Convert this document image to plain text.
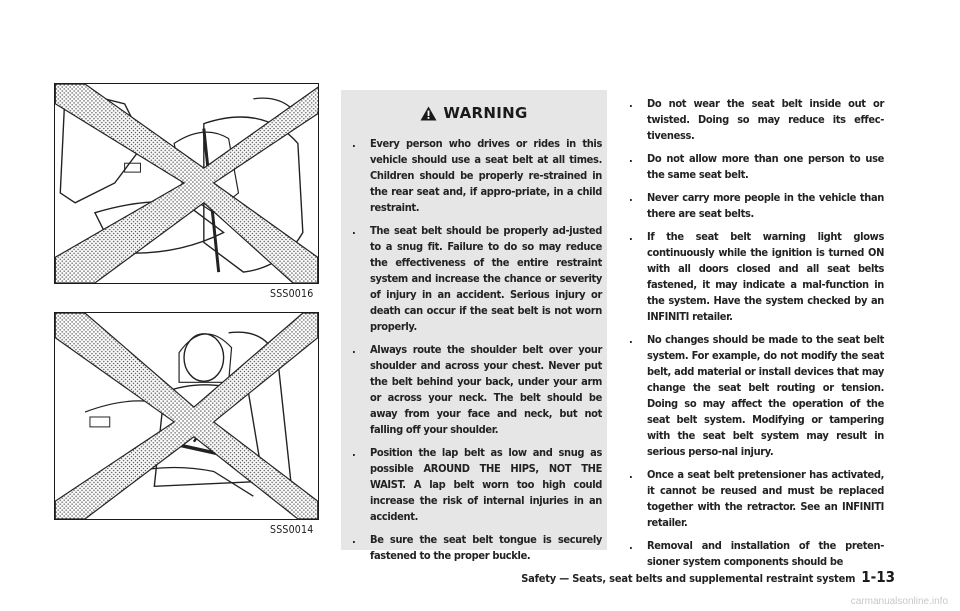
SSS0016
SSS0014
WARNING
. Every person who drives or rides in this vehicle should use a seat belt at all times. Children should be properly re-strained in the rear seat and, if appro-priate, in a child restraint.
. The seat belt should be properly ad-justed to a snug fit. Failure to do so may reduce the effectiveness of the entire restraint system and increase the chance or severity of injury in an accident. Serious injury or death can occur if the seat belt is not worn properly.
. Always route the shoulder belt over your shoulder and across your chest. Never put the belt behind your back, under your arm or across your neck. The belt should be away from your face and neck, but not falling off your shoulder.
. Position the lap belt as low and snug as possible AROUND THE HIPS, NOT THE WAIST. A lap belt worn too high could increase the risk of internal injuries in an accident.
. Be sure the seat belt tongue is securely fastened to the proper buckle.
. Do not wear the seat belt inside out or twisted. Doing so may reduce its effec-tiveness.
. Do not allow more than one person to use the same seat belt.
. Never carry more people in the vehicle than there are seat belts.
. If the seat belt warning light glows continuously while the ignition is turned ON with all doors closed and all seat belts fastened, it may indicate a mal-function in the system. Have the system checked by an INFINITI retailer.
. No changes should be made to the seat belt system. For example, do not modify the seat belt, add material or install devices that may change the seat belt routing or tension. Doing so may affect the operation of the seat belt system. Modifying or tampering with the seat belt system may result in serious perso-nal injury.
. Once a seat belt pretensioner has activated, it cannot be reused and must be replaced together with the retractor. See an INFINITI retailer.
. Removal and installation of the preten-sioner system components should be
Safety — Seats, seat belts and supplemental restraint system 1-13
carmanualsonline.info
